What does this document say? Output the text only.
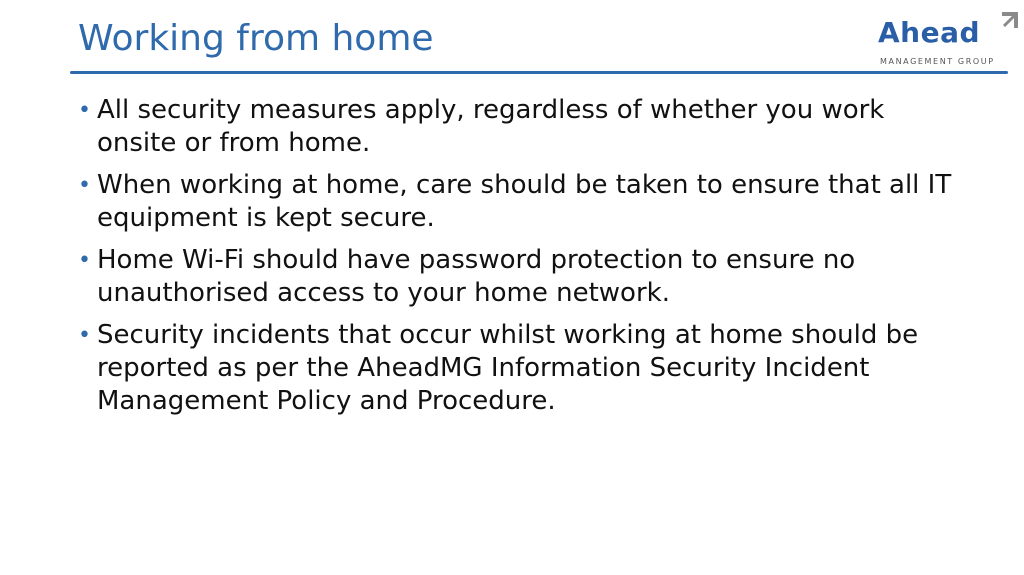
Working from home	Ahead
MANAGEMENT GROUP
• All security measures apply, regardless of whether you work onsite or from home.
• When working at home, care should be taken to ensure that all IT equipment is kept secure.
• Home Wi-Fi should have password protection to ensure no unauthorised access to your home network.
• Security incidents that occur whilst working at home should be reported as per the AheadMG Information Security Incident Management Policy and Procedure.
